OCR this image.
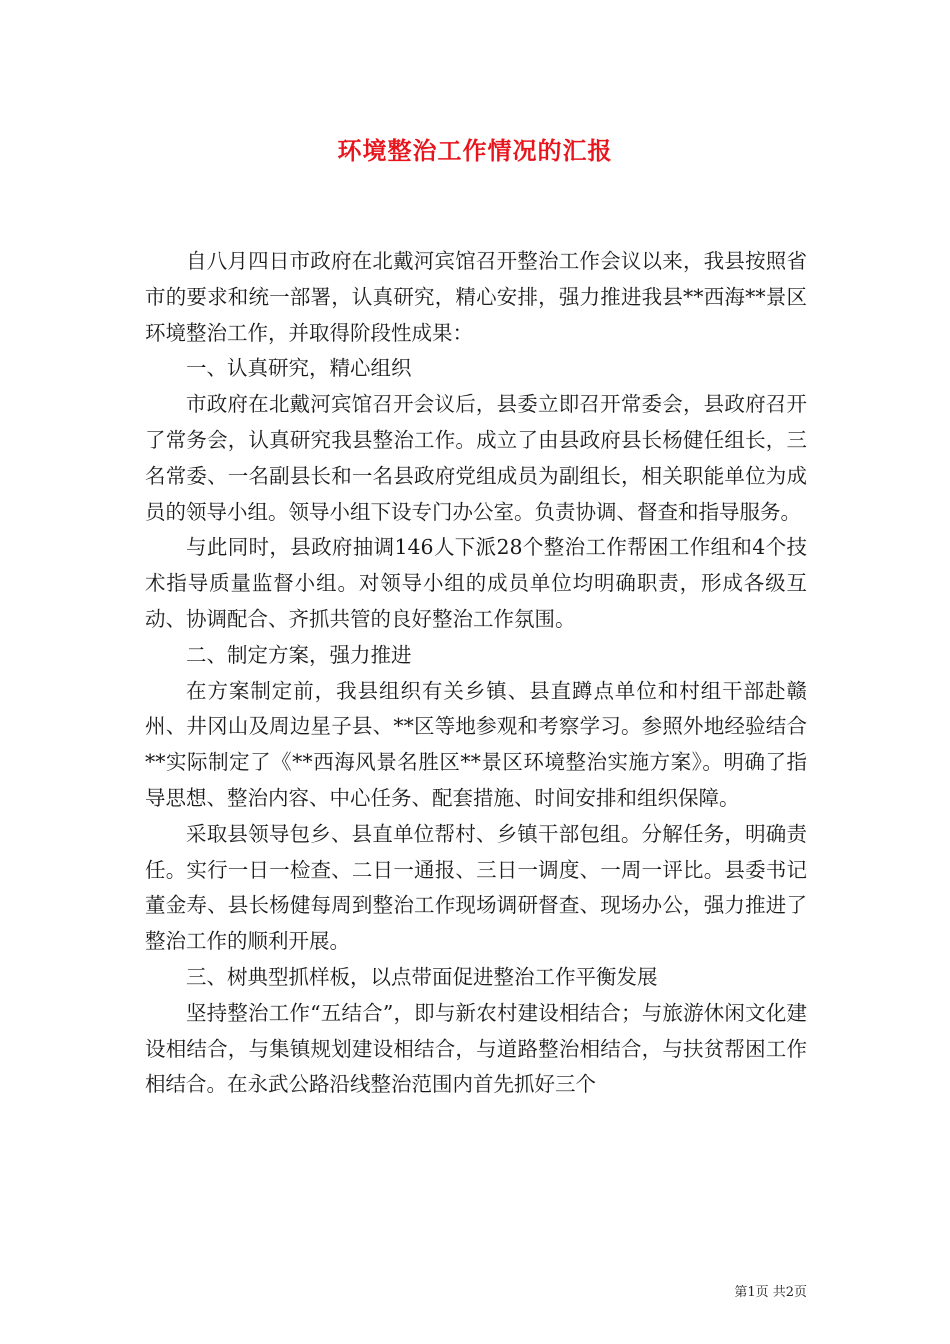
环境整治工作情况的汇报

自八月四日市政府在北戴河宾馆召开整治工作会议以来，我县按照省市的要求和统一部署，认真研究，精心安排，强力推进我县**西海**景区环境整治工作，并取得阶段性成果：

一、认真研究，精心组织

市政府在北戴河宾馆召开会议后，县委立即召开常委会，县政府召开了常务会，认真研究我县整治工作。成立了由县政府县长杨健任组长，三名常委、一名副县长和一名县政府党组成员为副组长，相关职能单位为成员的领导小组。领导小组下设专门办公室。负责协调、督查和指导服务。

与此同时，县政府抽调146人下派28个整治工作帮困工作组和4个技术指导质量监督小组。对领导小组的成员单位均明确职责，形成各级互动、协调配合、齐抓共管的良好整治工作氛围。

二、制定方案，强力推进

在方案制定前，我县组织有关乡镇、县直蹲点单位和村组干部赴赣州、井冈山及周边星子县、**区等地参观和考察学习。参照外地经验结合**实际制定了《**西海风景名胜区**景区环境整治实施方案》。明确了指导思想、整治内容、中心任务、配套措施、时间安排和组织保障。

采取县领导包乡、县直单位帮村、乡镇干部包组。分解任务，明确责任。实行一日一检查、二日一通报、三日一调度、一周一评比。县委书记董金寿、县长杨健每周到整治工作现场调研督查、现场办公，强力推进了整治工作的顺利开展。

三、树典型抓样板，以点带面促进整治工作平衡发展

坚持整治工作“五结合”，即与新农村建设相结合；与旅游休闲文化建设相结合，与集镇规划建设相结合，与道路整治相结合，与扶贫帮困工作相结合。在永武公路沿线整治范围内首先抓好三个

第1页 共2页
